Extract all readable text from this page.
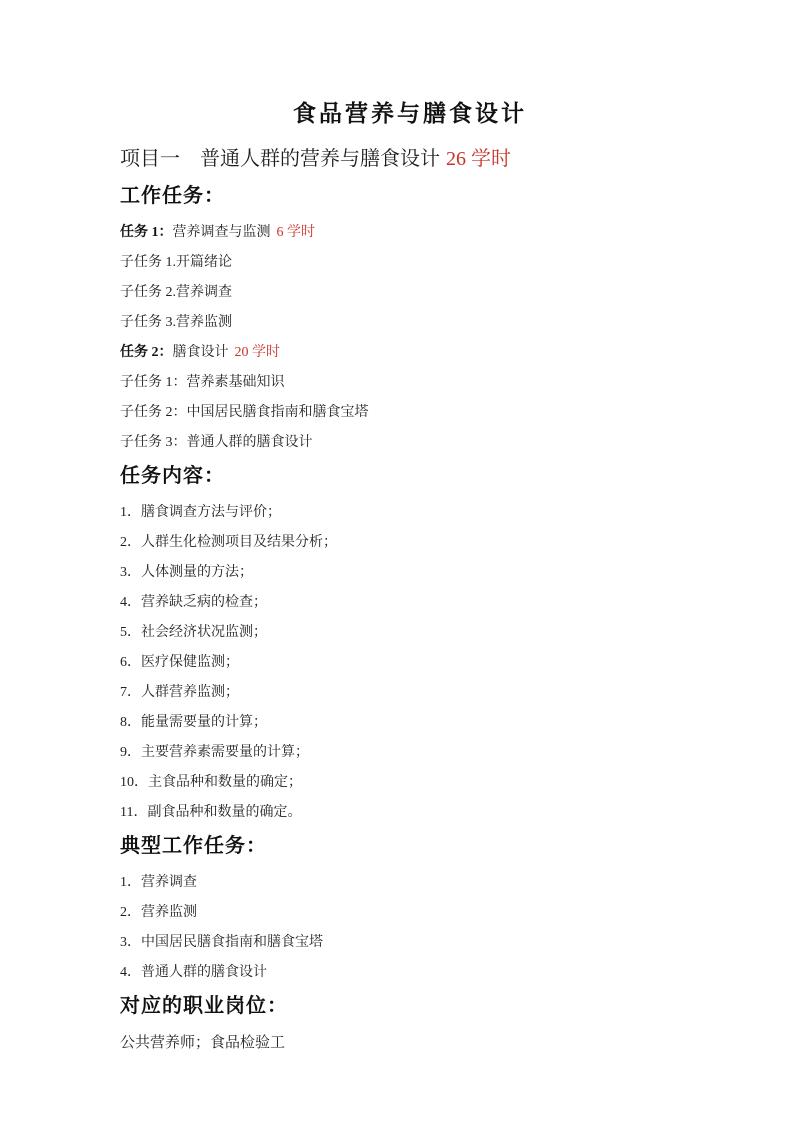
食品营养与膳食设计

项目一　普通人群的营养与膳食设计 26 学时

工作任务：

任务 1：营养调查与监测 6 学时

子任务 1.开篇绪论

子任务 2.营养调查

子任务 3.营养监测

任务 2：膳食设计 20 学时

子任务 1：营养素基础知识

子任务 2：中国居民膳食指南和膳食宝塔

子任务 3：普通人群的膳食设计

任务内容：

1．膳食调查方法与评价；

2．人群生化检测项目及结果分析；

3．人体测量的方法；

4．营养缺乏病的检查；

5．社会经济状况监测；

6．医疗保健监测；

7．人群营养监测；

8．能量需要量的计算；

9．主要营养素需要量的计算；

10．主食品种和数量的确定；

11．副食品种和数量的确定。

典型工作任务：

1．营养调查

2．营养监测

3．中国居民膳食指南和膳食宝塔

4．普通人群的膳食设计

对应的职业岗位：

公共营养师；食品检验工
